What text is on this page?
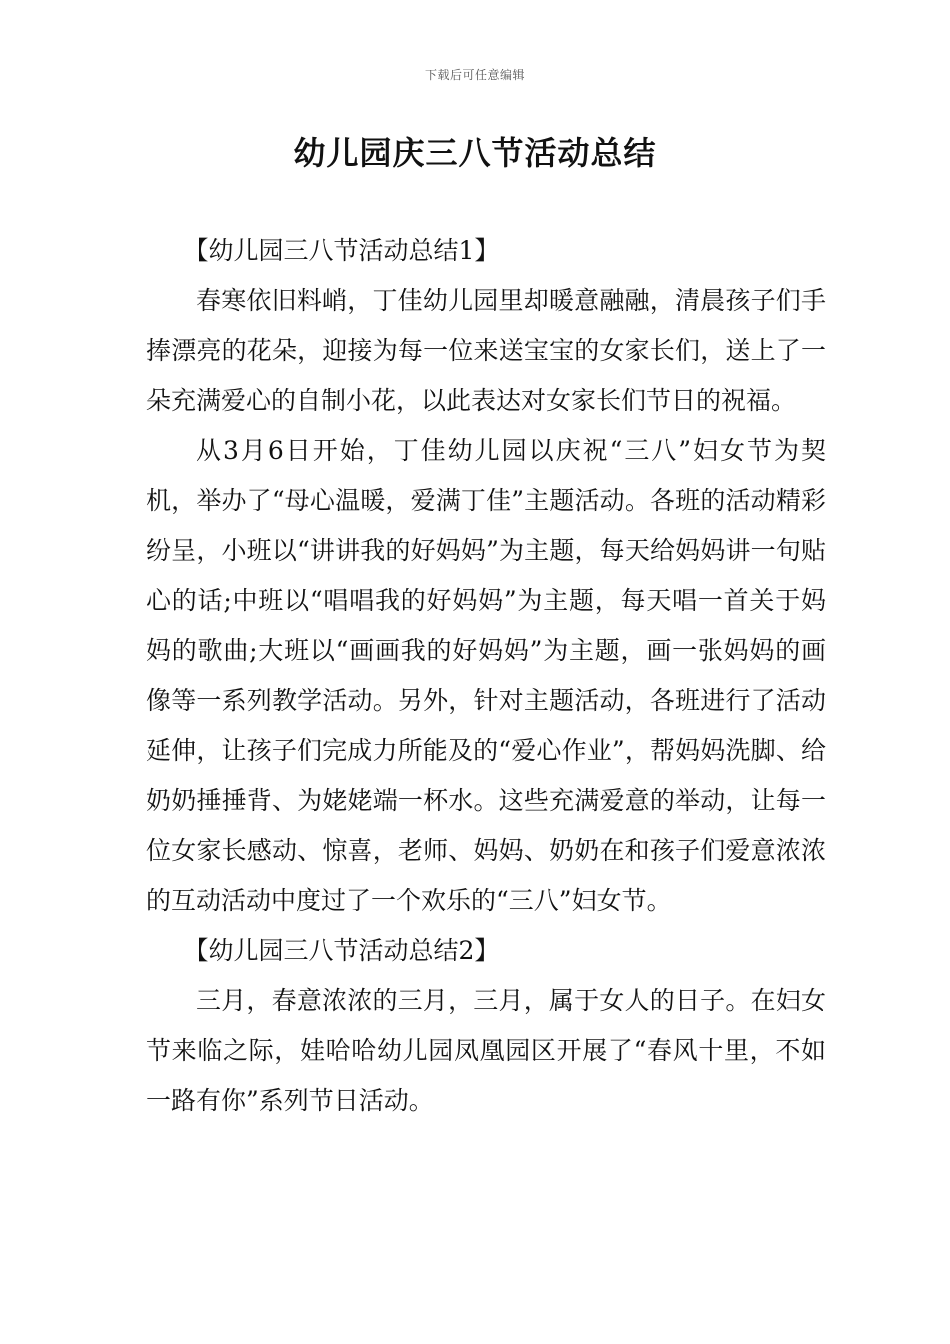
下载后可任意编辑
幼儿园庆三八节活动总结

【幼儿园三八节活动总结1】

春寒依旧料峭，丁佳幼儿园里却暖意融融，清晨孩子们手捧漂亮的花朵，迎接为每一位来送宝宝的女家长们，送上了一朵充满爱心的自制小花，以此表达对女家长们节日的祝福。

从3月6日开始，丁佳幼儿园以庆祝“三八”妇女节为契机，举办了“母心温暖，爱满丁佳”主题活动。各班的活动精彩纷呈，小班以“讲讲我的好妈妈”为主题，每天给妈妈讲一句贴心的话;中班以“唱唱我的好妈妈”为主题，每天唱一首关于妈妈的歌曲;大班以“画画我的好妈妈”为主题，画一张妈妈的画像等一系列教学活动。另外，针对主题活动，各班进行了活动延伸，让孩子们完成力所能及的“爱心作业”，帮妈妈洗脚、给奶奶捶捶背、为姥姥端一杯水。这些充满爱意的举动，让每一位女家长感动、惊喜，老师、妈妈、奶奶在和孩子们爱意浓浓的互动活动中度过了一个欢乐的“三八”妇女节。

【幼儿园三八节活动总结2】

三月，春意浓浓的三月，三月，属于女人的日子。在妇女节来临之际，娃哈哈幼儿园凤凰园区开展了“春风十里，不如一路有你”系列节日活动。
